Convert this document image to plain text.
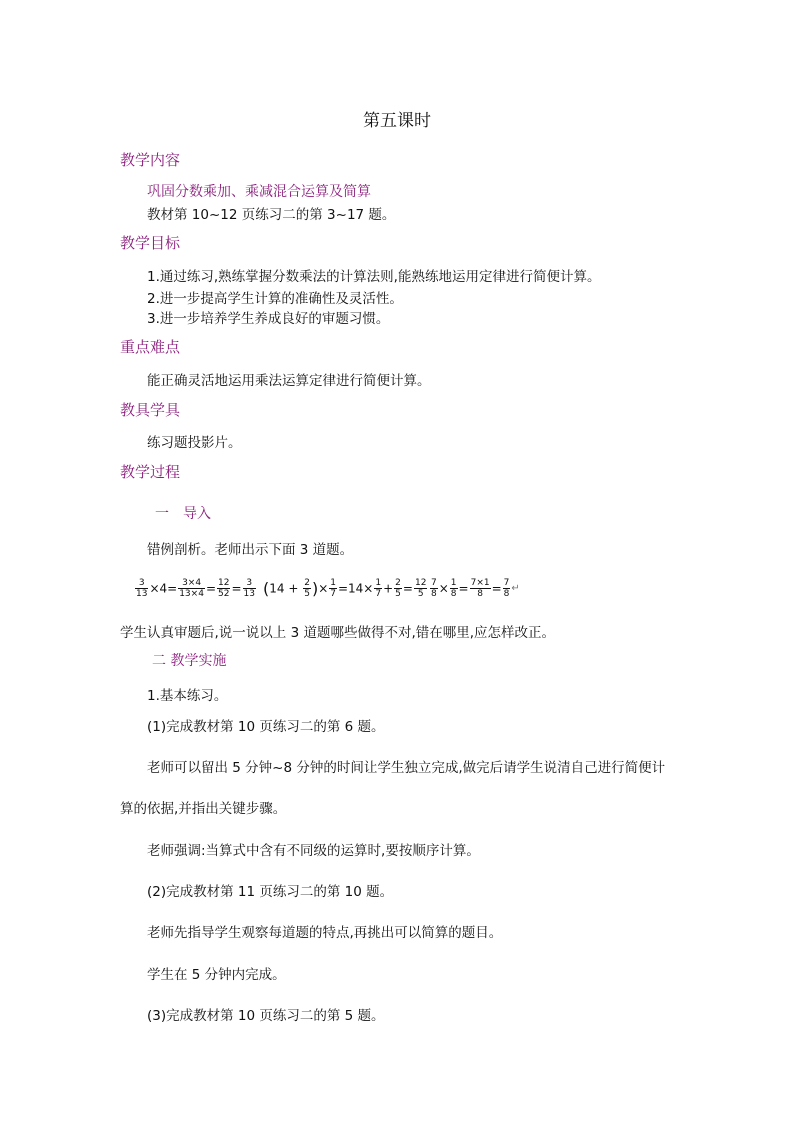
第五课时
教学内容
巩固分数乘加、乘减混合运算及简算
教材第 10~12 页练习二的第 3~17 题。
教学目标
1.通过练习,熟练掌握分数乘法的计算法则,能熟练地运用定律进行简便计算。
2.进一步提高学生计算的准确性及灵活性。
3.进一步培养学生养成良好的审题习惯。
重点难点
能正确灵活地运用乘法运算定律进行简便计算。
教具学具
练习题投影片。
教学过程
一　导入
错例剖析。老师出示下面 3 道题。
$\frac{3}{13} \times 4= \frac{3\times 4}{13\times 4} = \frac{12}{52} = \frac{3}{13} (14 + \frac{2}{5}$ )× $\frac{1}{7} =14\times \frac{1}{7} + \frac{2}{5} = \frac{12}{5} \frac{7}{8} \times \frac{1}{8} = \frac{7\times 1}{8} = \frac{7}{8}$ ↵
学生认真审题后,说一说以上 3 道题哪些做得不对,错在哪里,应怎样改正。
二 教学实施
1.基本练习。
(1)完成教材第 10 页练习二的第 6 题。
老师可以留出 5 分钟~8 分钟的时间让学生独立完成,做完后请学生说清自己进行简便计
算的依据,并指出关键步骤。
老师强调:当算式中含有不同级的运算时,要按顺序计算。
(2)完成教材第 11 页练习二的第 10 题。
老师先指导学生观察每道题的特点,再挑出可以简算的题目。
学生在 5 分钟内完成。
(3)完成教材第 10 页练习二的第 5 题。
